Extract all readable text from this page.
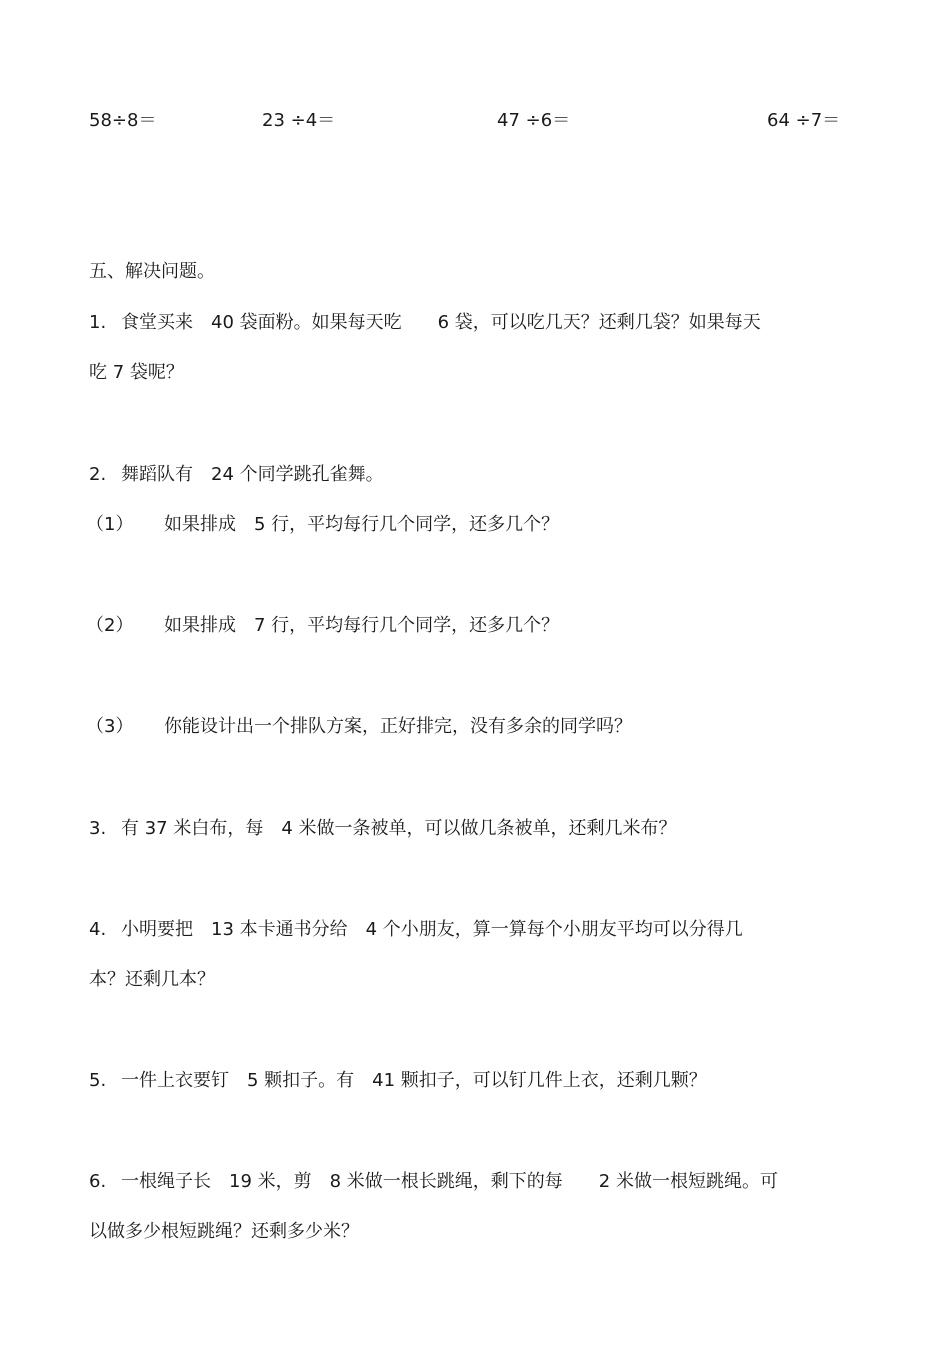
58÷8＝	23 ÷4＝	47 ÷6＝	64 ÷7＝
五、解决问题。
1. 食堂买来　40 袋面粉。如果每天吃　　6 袋，可以吃几天？还剩几袋？如果每天
吃 7 袋呢？
2. 舞蹈队有　24 个同学跳孔雀舞。
（1） 如果排成　5 行，平均每行几个同学，还多几个？
（2） 如果排成　7 行，平均每行几个同学，还多几个？
（3） 你能设计出一个排队方案，正好排完，没有多余的同学吗？
3. 有 37 米白布，每　4 米做一条被单，可以做几条被单，还剩几米布？
4. 小明要把　13 本卡通书分给　4 个小朋友，算一算每个小朋友平均可以分得几
本？还剩几本？
5. 一件上衣要钉　5 颗扣子。有　41 颗扣子，可以钉几件上衣，还剩几颗？
6. 一根绳子长　19 米，剪　8 米做一根长跳绳，剩下的每　　2 米做一根短跳绳。可
以做多少根短跳绳？还剩多少米？
